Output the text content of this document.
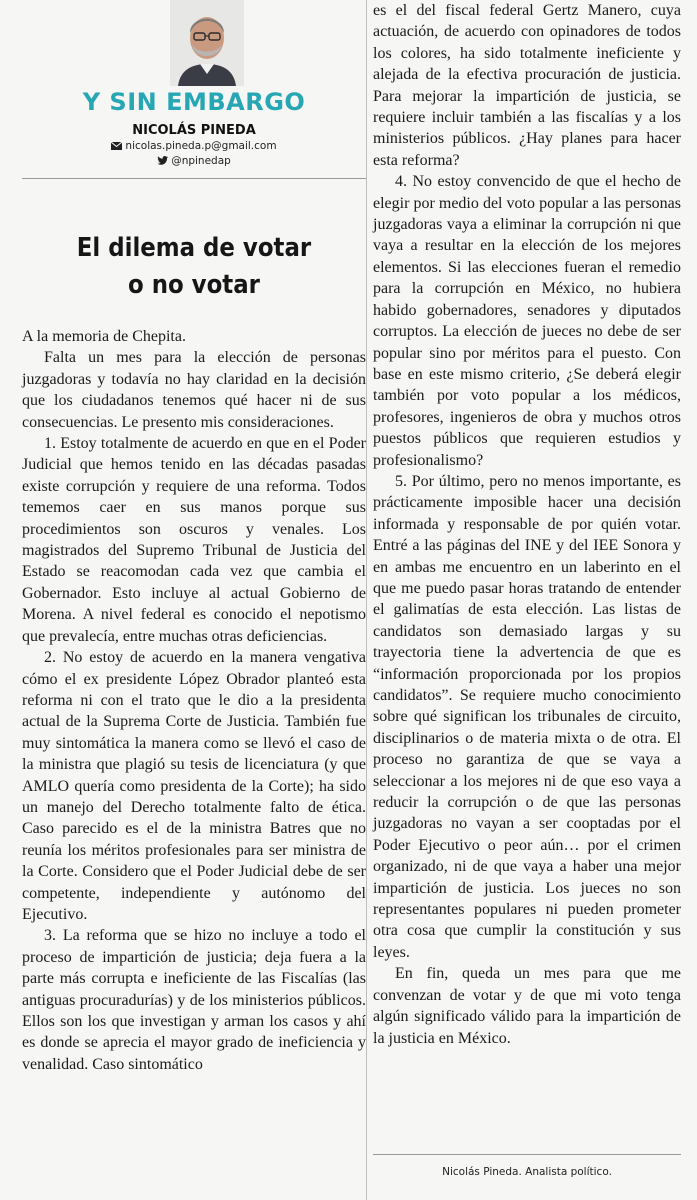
Y SIN EMBARGO
NICOLÁS PINEDA
nicolas.pineda.p@gmail.com
@npinedap
El dilema de votar
o no votar

A la memoria de Chepita.

Falta un mes para la elección de personas juzgadoras y todavía no hay claridad en la decisión que los ciudadanos tenemos qué hacer ni de sus consecuencias. Le presento mis consideraciones.

1. Estoy totalmente de acuerdo en que en el Poder Judicial que hemos tenido en las décadas pasadas existe corrupción y requiere de una reforma. Todos tememos caer en sus manos porque sus procedimientos son oscuros y venales. Los magistrados del Supremo Tribunal de Justicia del Estado se reacomodan cada vez que cambia el Gobernador. Esto incluye al actual Gobierno de Morena. A nivel federal es conocido el nepotismo que prevalecía, entre muchas otras deficiencias.

2. No estoy de acuerdo en la manera vengativa cómo el ex presidente López Obrador planteó esta reforma ni con el trato que le dio a la presidenta actual de la Suprema Corte de Justicia. También fue muy sintomática la manera como se llevó el caso de la ministra que plagió su tesis de licenciatura (y que AMLO quería como presidenta de la Corte); ha sido un manejo del Derecho totalmente falto de ética. Caso parecido es el de la ministra Batres que no reunía los méritos profesionales para ser ministra de la Corte. Considero que el Poder Judicial debe de ser competente, independiente y autónomo del Ejecutivo.

3. La reforma que se hizo no incluye a todo el proceso de impartición de justicia; deja fuera a la parte más corrupta e ineficiente de las Fiscalías (las antiguas procuradurías) y de los ministerios públicos. Ellos son los que investigan y arman los casos y ahí es donde se aprecia el mayor grado de ineficiencia y venalidad. Caso sintomático

es el del fiscal federal Gertz Manero, cuya actuación, de acuerdo con opinadores de todos los colores, ha sido totalmente ineficiente y alejada de la efectiva procuración de justicia. Para mejorar la impartición de justicia, se requiere incluir también a las fiscalías y a los ministerios públicos. ¿Hay planes para hacer esta reforma?

4. No estoy convencido de que el hecho de elegir por medio del voto popular a las personas juzgadoras vaya a eliminar la corrupción ni que vaya a resultar en la elección de los mejores elementos. Si las elecciones fueran el remedio para la corrupción en México, no hubiera habido gobernadores, senadores y diputados corruptos. La elección de jueces no debe de ser popular sino por méritos para el puesto. Con base en este mismo criterio, ¿Se deberá elegir también por voto popular a los médicos, profesores, ingenieros de obra y muchos otros puestos públicos que requieren estudios y profesionalismo?

5. Por último, pero no menos importante, es prácticamente imposible hacer una decisión informada y responsable de por quién votar. Entré a las páginas del INE y del IEE Sonora y en ambas me encuentro en un laberinto en el que me puedo pasar horas tratando de entender el galimatías de esta elección. Las listas de candidatos son demasiado largas y su trayectoria tiene la advertencia de que es “información proporcionada por los propios candidatos”. Se requiere mucho conocimiento sobre qué significan los tribunales de circuito, disciplinarios o de materia mixta o de otra. El proceso no garantiza de que se vaya a seleccionar a los mejores ni de que eso vaya a reducir la corrupción o de que las personas juzgadoras no vayan a ser cooptadas por el Poder Ejecutivo o peor aún… por el crimen organizado, ni de que vaya a haber una mejor impartición de justicia. Los jueces no son representantes populares ni pueden prometer otra cosa que cumplir la constitución y sus leyes.

En fin, queda un mes para que me convenzan de votar y de que mi voto tenga algún significado válido para la impartición de la justicia en México.

Nicolás Pineda. Analista político.
